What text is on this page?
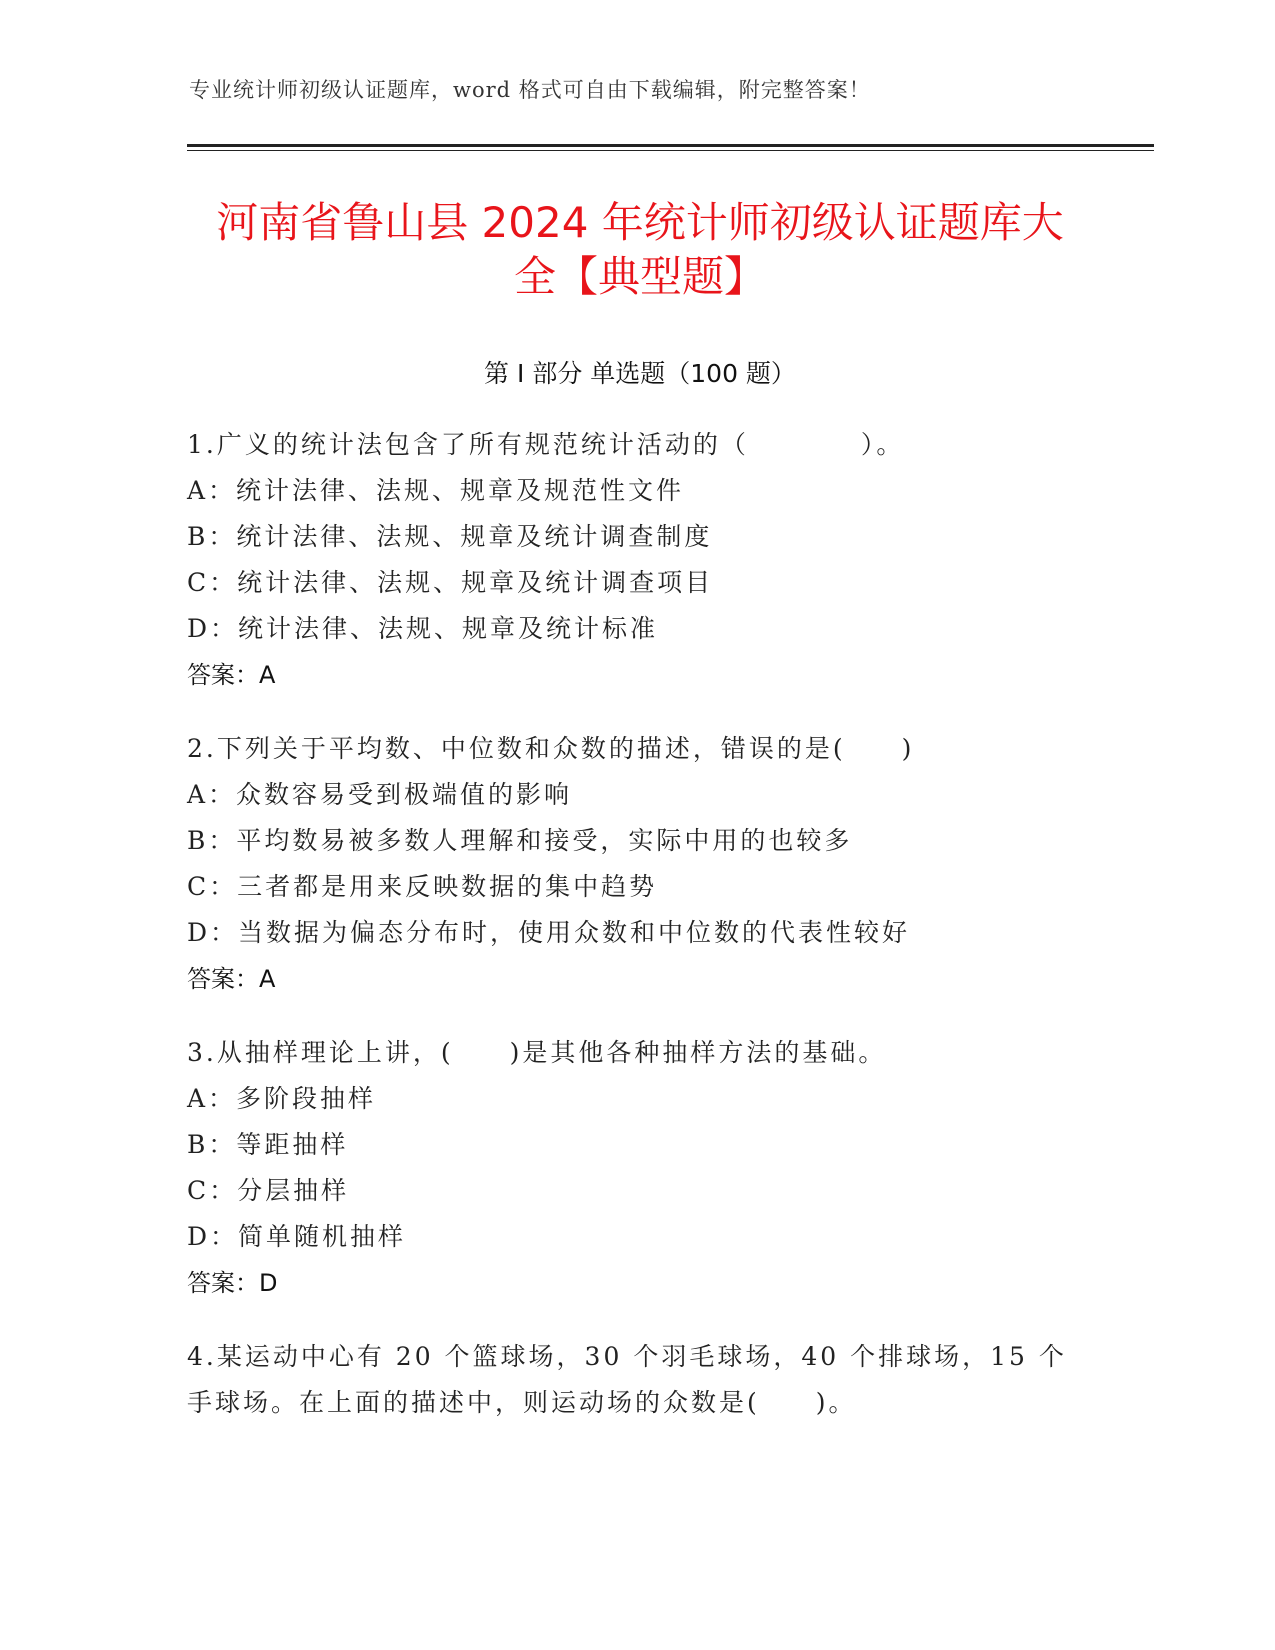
专业统计师初级认证题库，word 格式可自由下载编辑，附完整答案！
河南省鲁山县 2024 年统计师初级认证题库大
全【典型题】
第 I 部分 单选题（100 题）
1.广义的统计法包含了所有规范统计活动的（　　　　）。
A：统计法律、法规、规章及规范性文件
B：统计法律、法规、规章及统计调查制度
C：统计法律、法规、规章及统计调查项目
D：统计法律、法规、规章及统计标准
答案：A
2.下列关于平均数、中位数和众数的描述，错误的是(　　)
A：众数容易受到极端值的影响
B：平均数易被多数人理解和接受，实际中用的也较多
C：三者都是用来反映数据的集中趋势
D：当数据为偏态分布时，使用众数和中位数的代表性较好
答案：A
3.从抽样理论上讲，(　　)是其他各种抽样方法的基础。
A：多阶段抽样
B：等距抽样
C：分层抽样
D：简单随机抽样
答案：D
4.某运动中心有 20 个篮球场，30 个羽毛球场，40 个排球场，15 个手球场。在上面的描述中，则运动场的众数是(　　)。
